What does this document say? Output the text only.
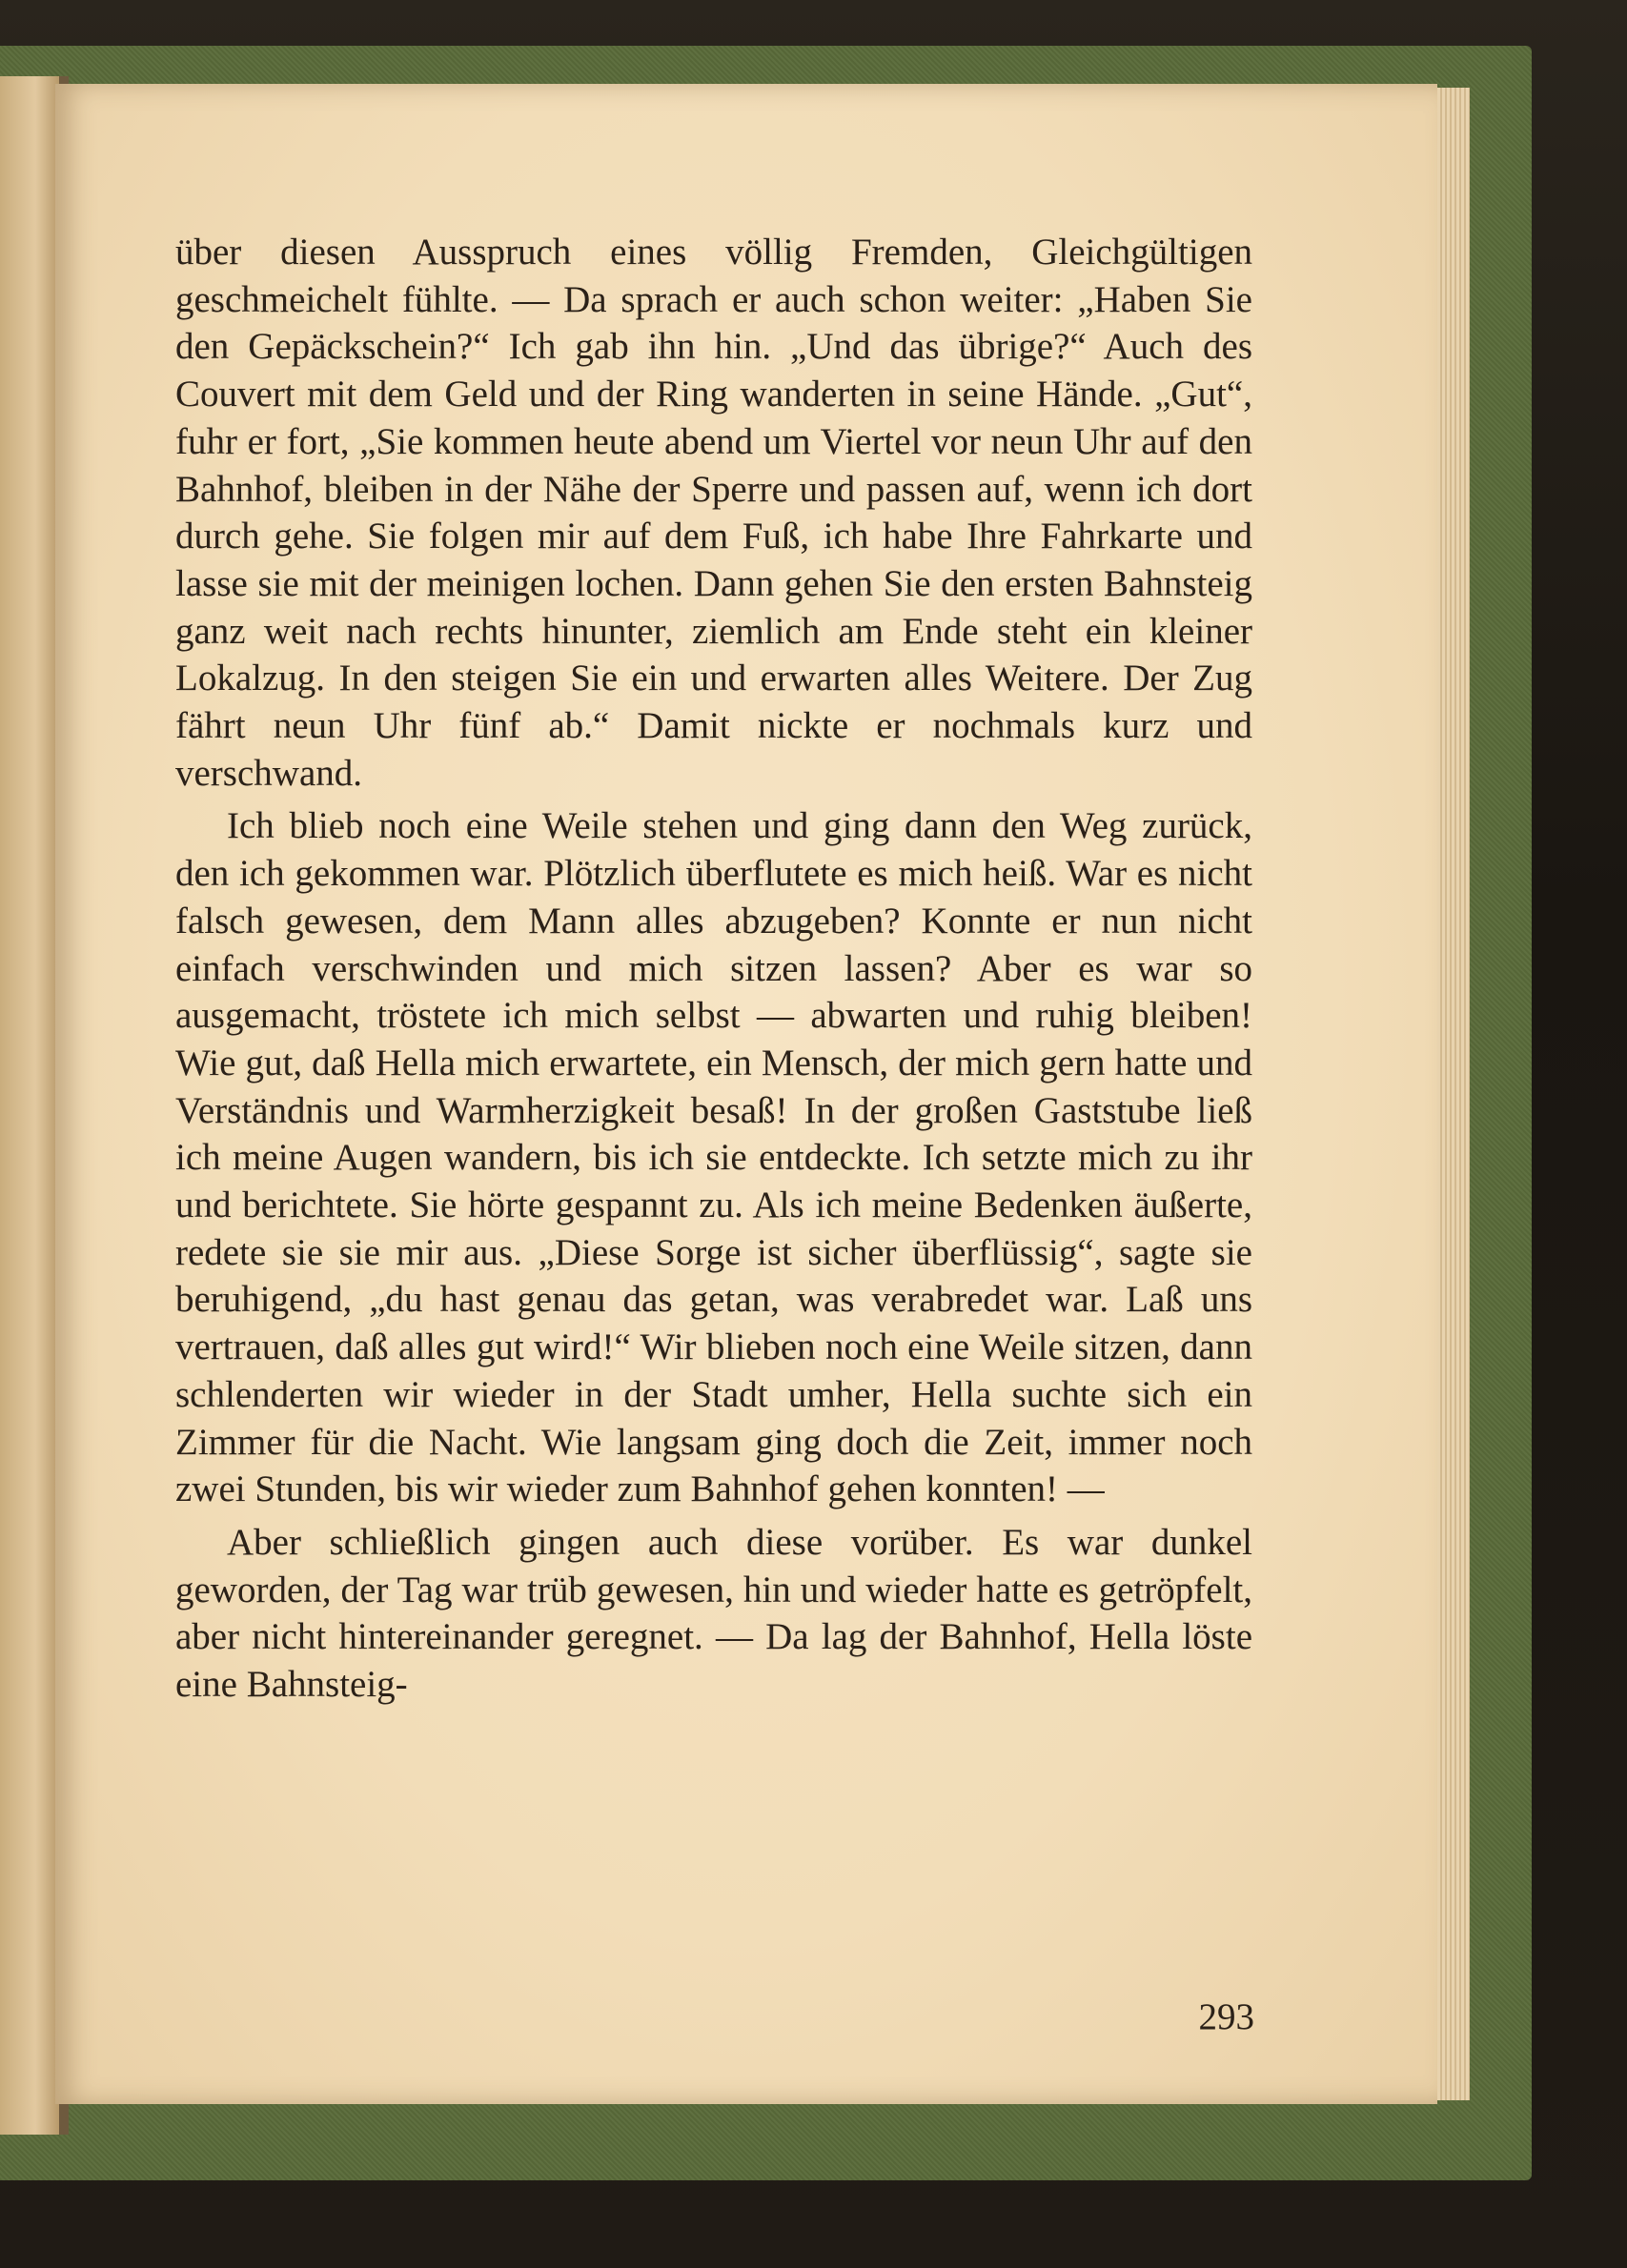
über diesen Ausspruch eines völlig Fremden, Gleichgültigen geschmeichelt fühlte. — Da sprach er auch schon weiter: „Haben Sie den Gepäckschein?“ Ich gab ihn hin. „Und das übrige?“ Auch des Couvert mit dem Geld und der Ring wanderten in seine Hände. „Gut“, fuhr er fort, „Sie kommen heute abend um Viertel vor neun Uhr auf den Bahnhof, bleiben in der Nähe der Sperre und passen auf, wenn ich dort durch gehe. Sie folgen mir auf dem Fuß, ich habe Ihre Fahrkarte und lasse sie mit der meinigen lochen. Dann gehen Sie den ersten Bahnsteig ganz weit nach rechts hinunter, ziemlich am Ende steht ein kleiner Lokalzug. In den steigen Sie ein und erwarten alles Weitere. Der Zug fährt neun Uhr fünf ab.“ Damit nickte er nochmals kurz und verschwand.

Ich blieb noch eine Weile stehen und ging dann den Weg zurück, den ich gekommen war. Plötzlich überflutete es mich heiß. War es nicht falsch gewesen, dem Mann alles abzugeben? Konnte er nun nicht einfach verschwinden und mich sitzen lassen? Aber es war so ausgemacht, tröstete ich mich selbst — abwarten und ruhig bleiben! Wie gut, daß Hella mich erwartete, ein Mensch, der mich gern hatte und Verständnis und Warmherzigkeit besaß! In der großen Gaststube ließ ich meine Augen wandern, bis ich sie entdeckte. Ich setzte mich zu ihr und berichtete. Sie hörte gespannt zu. Als ich meine Bedenken äußerte, redete sie sie mir aus. „Diese Sorge ist sicher überflüssig“, sagte sie beruhigend, „du hast genau das getan, was verabredet war. Laß uns vertrauen, daß alles gut wird!“ Wir blieben noch eine Weile sitzen, dann schlenderten wir wieder in der Stadt umher, Hella suchte sich ein Zimmer für die Nacht. Wie langsam ging doch die Zeit, immer noch zwei Stunden, bis wir wieder zum Bahnhof gehen konnten! —

Aber schließlich gingen auch diese vorüber. Es war dunkel geworden, der Tag war trüb gewesen, hin und wieder hatte es getröpfelt, aber nicht hintereinander geregnet. — Da lag der Bahnhof, Hella löste eine Bahnsteig-

293
